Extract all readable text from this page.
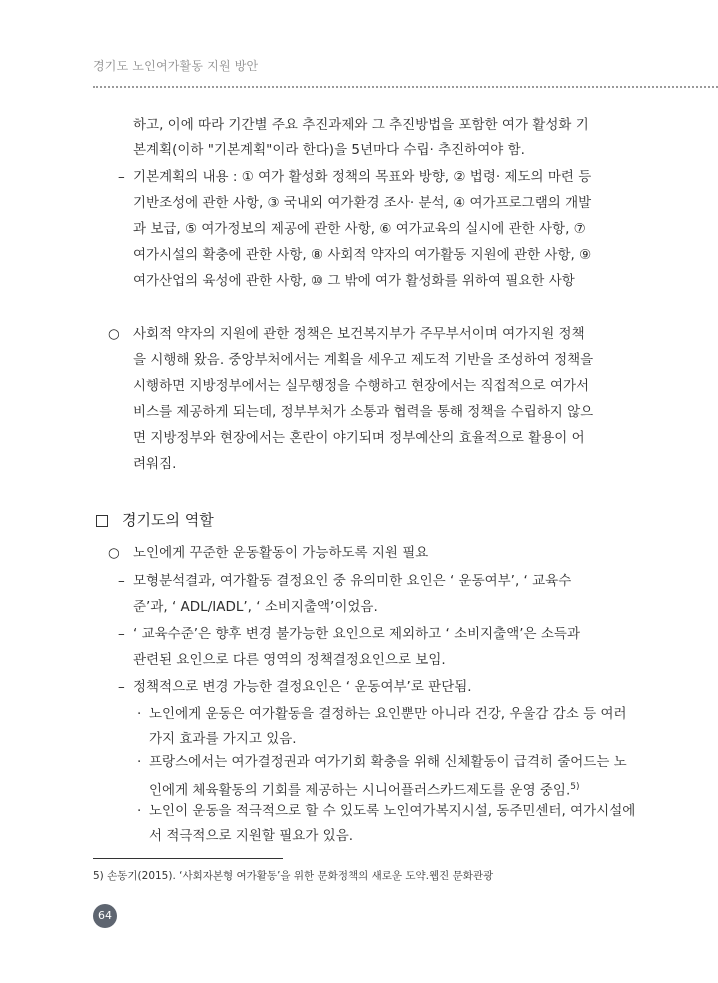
경기도 노인여가활동 지원 방안
하고, 이에 따라 기간별 주요 추진과제와 그 추진방법을 포함한 여가 활성화 기
본계획(이하 "기본계획"이라 한다)을 5년마다 수립· 추진하여야 함.
– 기본계획의 내용 : ① 여가 활성화 정책의 목표와 방향, ② 법령· 제도의 마련 등
기반조성에 관한 사항, ③ 국내외 여가환경 조사· 분석, ④ 여가프로그램의 개발
과 보급, ⑤ 여가정보의 제공에 관한 사항, ⑥ 여가교육의 실시에 관한 사항, ⑦
여가시설의 확충에 관한 사항, ⑧ 사회적 약자의 여가활동 지원에 관한 사항, ⑨
여가산업의 육성에 관한 사항, ⑩ 그 밖에 여가 활성화를 위하여 필요한 사항
○ 사회적 약자의 지원에 관한 정책은 보건복지부가 주무부서이며 여가지원 정책
을 시행해 왔음. 중앙부처에서는 계획을 세우고 제도적 기반을 조성하여 정책을
시행하면 지방정부에서는 실무행정을 수행하고 현장에서는 직접적으로 여가서
비스를 제공하게 되는데, 정부부처가 소통과 협력을 통해 정책을 수립하지 않으
면 지방정부와 현장에서는 혼란이 야기되며 정부예산의 효율적으로 활용이 어
려워짐.
경기도의 역할
○ 노인에게 꾸준한 운동활동이 가능하도록 지원 필요
– 모형분석결과, 여가활동 결정요인 중 유의미한 요인은 ‘ 운동여부’, ‘ 교육수
준’과, ‘ ADL/IADL’, ‘ 소비지출액’이었음.
– ‘ 교육수준’은 향후 변경 불가능한 요인으로 제외하고 ‘ 소비지출액’은 소득과
관련된 요인으로 다른 영역의 정책결정요인으로 보임.
– 정책적으로 변경 가능한 결정요인은 ‘ 운동여부’로 판단됨.
· 노인에게 운동은 여가활동을 결정하는 요인뿐만 아니라 건강, 우울감 감소 등 여러
가지 효과를 가지고 있음.
· 프랑스에서는 여가결정권과 여가기회 확충을 위해 신체활동이 급격히 줄어드는 노
인에게 체육활동의 기회를 제공하는 시니어플러스카드제도를 운영 중임.$^{5)}$
· 노인이 운동을 적극적으로 할 수 있도록 노인여가복지시설, 동주민센터, 여가시설에
서 적극적으로 지원할 필요가 있음.
5) 손동기(2015). ‘사회자본형 여가활동’을 위한 문화정책의 새로운 도약.웹진 문화관광
64
